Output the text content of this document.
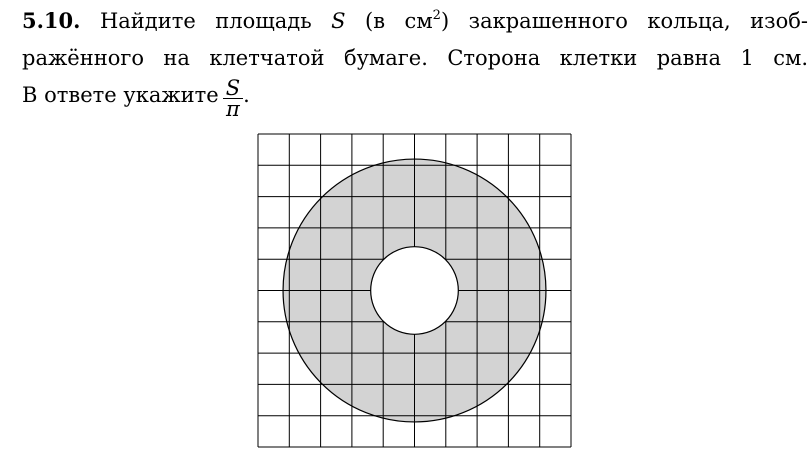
5.10. Найдите площадь S (в $см^2$) закрашенного кольца, изоб-
ражённого на клетчатой бумаге. Сторона клетки равна 1 см.
В ответе укажите $\frac{S}{\pi}$ .
